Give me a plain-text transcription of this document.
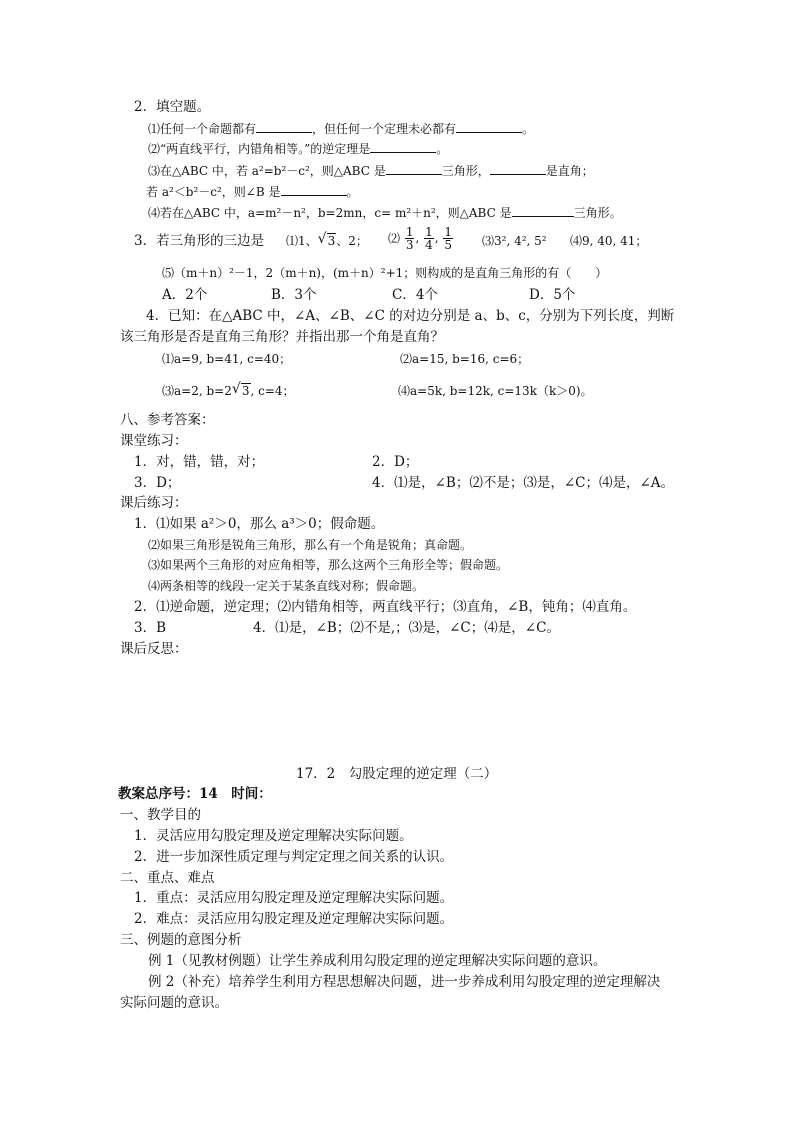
2．填空题。
⑴任何一个命题都有	，但任何一个定理未必都有	。
⑵“两直线平行，内错角相等。”的逆定理是	。
⑶在△ABC 中，若 a²=b²－c²，则△ABC 是	三角形，	是直角；
若 a²＜b²－c²，则∠B 是	。
⑷若在△ABC 中，a=m²－n²，b=2mn，c= m²＋n²，则△ABC 是	三角形。
3．若三角形的三边是 ⑴1、 √ 3、2； ⑵ $\frac{1}{3}$ , $\frac{1}{4}$ , $\frac{1}{5}$ ⑶3², 4², 5² ⑷9, 40, 41；
⑸（m＋n）²－1，2（m＋n)，(m＋n）²+1；则构成的是直角三角形的有（　　）
A．2个	B．3个	C．4个	D．5个
4．已知：在△ABC 中，∠A、∠B、∠C 的对边分别是 a、b、c，分别为下列长度，判断
该三角形是否是直角三角形？并指出那一个角是直角？
⑴a=9, b=41, c=40；	⑵a=15, b=16, c=6；
⑶a=2, b=2 √ 3, c=4；	⑷a=5k, b=12k, c=13k（k＞0)。
八、参考答案：
课堂练习：
1．对，错，错，对；	2．D；
3．D；	4．⑴是，∠B；⑵不是；⑶是，∠C；⑷是，∠A。
课后练习：
1．⑴如果 a²＞0，那么 a³＞0；假命题。
⑵如果三角形是锐角三角形，那么有一个角是锐角；真命题。
⑶如果两个三角形的对应角相等，那么这两个三角形全等；假命题。
⑷两条相等的线段一定关于某条直线对称；假命题。
2．⑴逆命题，逆定理；⑵内错角相等，两直线平行；⑶直角，∠B，钝角；⑷直角。
3．B	4．⑴是，∠B；⑵不是,；⑶是，∠C；⑷是，∠C。
课后反思：
17．2　勾股定理的逆定理（二）
教案总序号：14　时间：
一、教学目的
1．灵活应用勾股定理及逆定理解决实际问题。
2．进一步加深性质定理与判定定理之间关系的认识。
二、重点、难点
1．重点：灵活应用勾股定理及逆定理解决实际问题。
2．难点：灵活应用勾股定理及逆定理解决实际问题。
三、例题的意图分析
例 1（见教材例题）让学生养成利用勾股定理的逆定理解决实际问题的意识。
例 2（补充）培养学生利用方程思想解决问题，进一步养成利用勾股定理的逆定理解决
实际问题的意识。
